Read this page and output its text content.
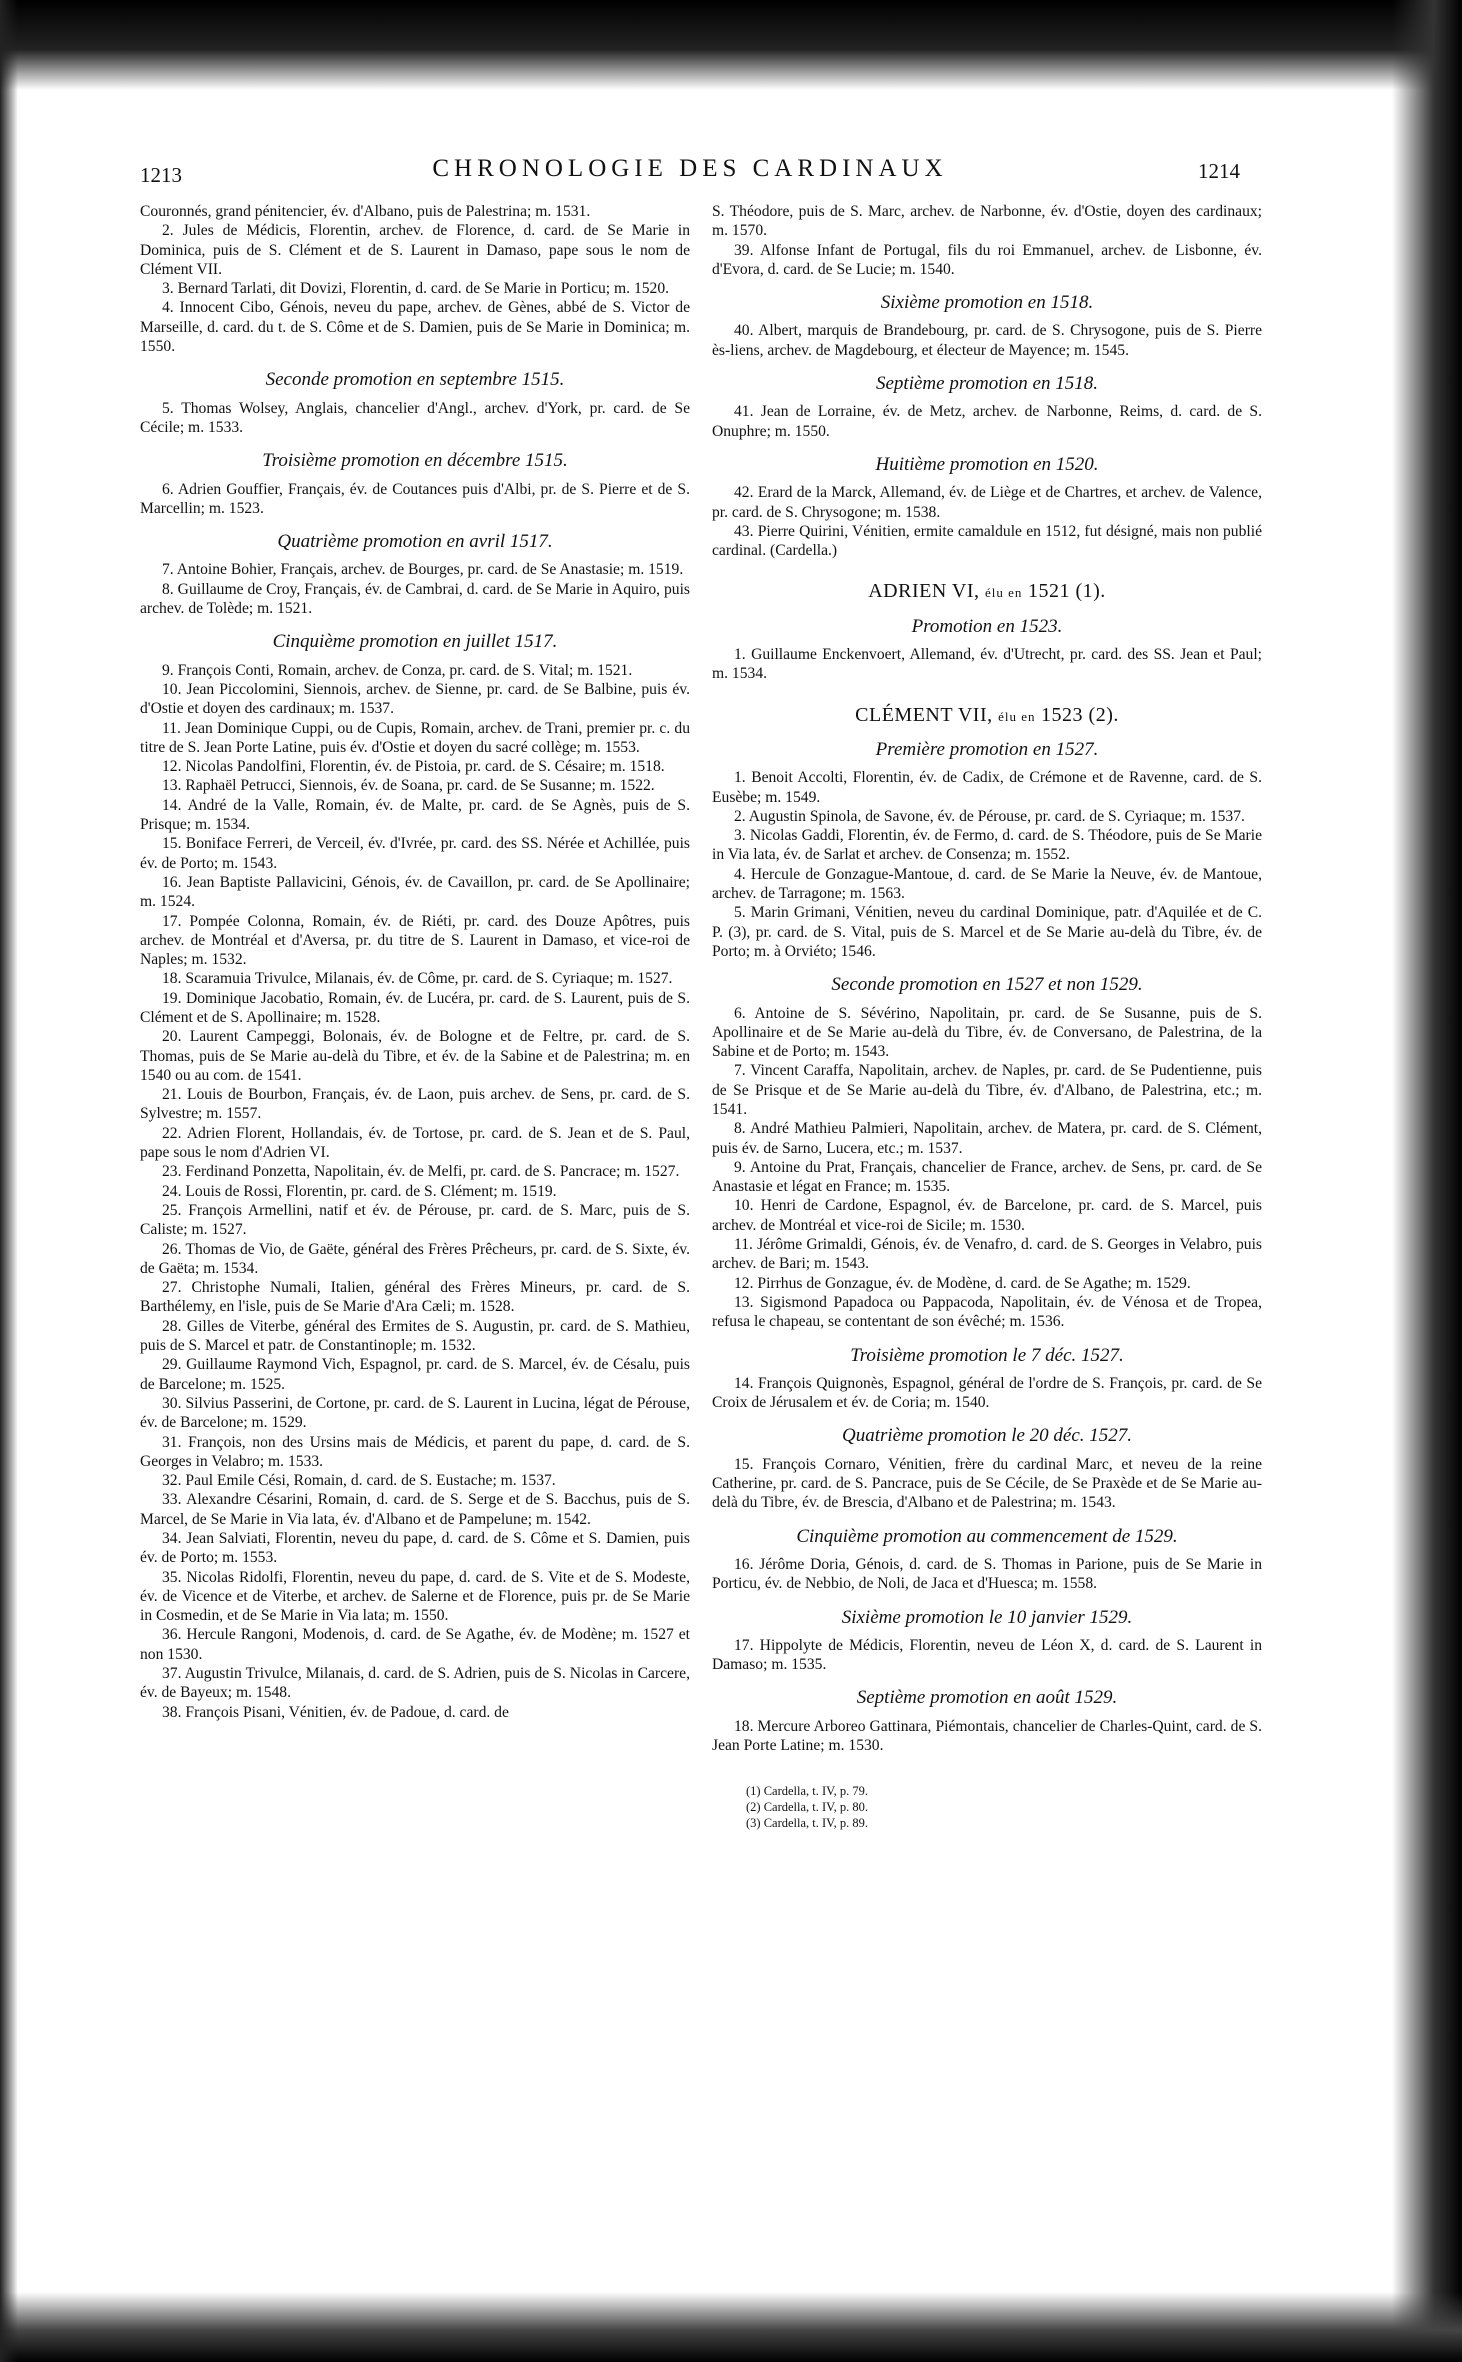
1213	CHRONOLOGIE DES CARDINAUX	1214

Couronnés, grand pénitencier, év. d'Albano, puis de Palestrina; m. 1531.

2. Jules de Médicis, Florentin, archev. de Florence, d. card. de Se Marie in Dominica, puis de S. Clément et de S. Laurent in Damaso, pape sous le nom de Clément VII.

3. Bernard Tarlati, dit Dovizi, Florentin, d. card. de Se Marie in Porticu; m. 1520.

4. Innocent Cibo, Génois, neveu du pape, archev. de Gènes, abbé de S. Victor de Marseille, d. card. du t. de S. Côme et de S. Damien, puis de Se Marie in Dominica; m. 1550.

Seconde promotion en septembre 1515.

5. Thomas Wolsey, Anglais, chancelier d'Angl., archev. d'York, pr. card. de Se Cécile; m. 1533.

Troisième promotion en décembre 1515.

6. Adrien Gouffier, Français, év. de Coutances puis d'Albi, pr. de S. Pierre et de S. Marcellin; m. 1523.

Quatrième promotion en avril 1517.

7. Antoine Bohier, Français, archev. de Bourges, pr. card. de Se Anastasie; m. 1519.

8. Guillaume de Croy, Français, év. de Cambrai, d. card. de Se Marie in Aquiro, puis archev. de Tolède; m. 1521.

Cinquième promotion en juillet 1517.

9. François Conti, Romain, archev. de Conza, pr. card. de S. Vital; m. 1521.

10. Jean Piccolomini, Siennois, archev. de Sienne, pr. card. de Se Balbine, puis év. d'Ostie et doyen des cardinaux; m. 1537.

11. Jean Dominique Cuppi, ou de Cupis, Romain, archev. de Trani, premier pr. c. du titre de S. Jean Porte Latine, puis év. d'Ostie et doyen du sacré collège; m. 1553.

12. Nicolas Pandolfini, Florentin, év. de Pistoia, pr. card. de S. Césaire; m. 1518.

13. Raphaël Petrucci, Siennois, év. de Soana, pr. card. de Se Susanne; m. 1522.

14. André de la Valle, Romain, év. de Malte, pr. card. de Se Agnès, puis de S. Prisque; m. 1534.

15. Boniface Ferreri, de Verceil, év. d'Ivrée, pr. card. des SS. Nérée et Achillée, puis év. de Porto; m. 1543.

16. Jean Baptiste Pallavicini, Génois, év. de Cavaillon, pr. card. de Se Apollinaire; m. 1524.

17. Pompée Colonna, Romain, év. de Riéti, pr. card. des Douze Apôtres, puis archev. de Montréal et d'Aversa, pr. du titre de S. Laurent in Damaso, et vice-roi de Naples; m. 1532.

18. Scaramuia Trivulce, Milanais, év. de Côme, pr. card. de S. Cyriaque; m. 1527.

19. Dominique Jacobatio, Romain, év. de Lucéra, pr. card. de S. Laurent, puis de S. Clément et de S. Apollinaire; m. 1528.

20. Laurent Campeggi, Bolonais, év. de Bologne et de Feltre, pr. card. de S. Thomas, puis de Se Marie au-delà du Tibre, et év. de la Sabine et de Palestrina; m. en 1540 ou au com. de 1541.

21. Louis de Bourbon, Français, év. de Laon, puis archev. de Sens, pr. card. de S. Sylvestre; m. 1557.

22. Adrien Florent, Hollandais, év. de Tortose, pr. card. de S. Jean et de S. Paul, pape sous le nom d'Adrien VI.

23. Ferdinand Ponzetta, Napolitain, év. de Melfi, pr. card. de S. Pancrace; m. 1527.

24. Louis de Rossi, Florentin, pr. card. de S. Clément; m. 1519.

25. François Armellini, natif et év. de Pérouse, pr. card. de S. Marc, puis de S. Caliste; m. 1527.

26. Thomas de Vio, de Gaëte, général des Frères Prêcheurs, pr. card. de S. Sixte, év. de Gaëta; m. 1534.

27. Christophe Numali, Italien, général des Frères Mineurs, pr. card. de S. Barthélemy, en l'isle, puis de Se Marie d'Ara Cæli; m. 1528.

28. Gilles de Viterbe, général des Ermites de S. Augustin, pr. card. de S. Mathieu, puis de S. Marcel et patr. de Constantinople; m. 1532.

29. Guillaume Raymond Vich, Espagnol, pr. card. de S. Marcel, év. de Césalu, puis de Barcelone; m. 1525.

30. Silvius Passerini, de Cortone, pr. card. de S. Laurent in Lucina, légat de Pérouse, év. de Barcelone; m. 1529.

31. François, non des Ursins mais de Médicis, et parent du pape, d. card. de S. Georges in Velabro; m. 1533.

32. Paul Emile Cési, Romain, d. card. de S. Eustache; m. 1537.

33. Alexandre Césarini, Romain, d. card. de S. Serge et de S. Bacchus, puis de S. Marcel, de Se Marie in Via lata, év. d'Albano et de Pampelune; m. 1542.

34. Jean Salviati, Florentin, neveu du pape, d. card. de S. Côme et S. Damien, puis év. de Porto; m. 1553.

35. Nicolas Ridolfi, Florentin, neveu du pape, d. card. de S. Vite et de S. Modeste, év. de Vicence et de Viterbe, et archev. de Salerne et de Florence, puis pr. de Se Marie in Cosmedin, et de Se Marie in Via lata; m. 1550.

36. Hercule Rangoni, Modenois, d. card. de Se Agathe, év. de Modène; m. 1527 et non 1530.

37. Augustin Trivulce, Milanais, d. card. de S. Adrien, puis de S. Nicolas in Carcere, év. de Bayeux; m. 1548.

38. François Pisani, Vénitien, év. de Padoue, d. card. de

S. Théodore, puis de S. Marc, archev. de Narbonne, év. d'Ostie, doyen des cardinaux; m. 1570.

39. Alfonse Infant de Portugal, fils du roi Emmanuel, archev. de Lisbonne, év. d'Evora, d. card. de Se Lucie; m. 1540.

Sixième promotion en 1518.

40. Albert, marquis de Brandebourg, pr. card. de S. Chrysogone, puis de S. Pierre ès-liens, archev. de Magdebourg, et électeur de Mayence; m. 1545.

Septième promotion en 1518.

41. Jean de Lorraine, év. de Metz, archev. de Narbonne, Reims, d. card. de S. Onuphre; m. 1550.

Huitième promotion en 1520.

42. Erard de la Marck, Allemand, év. de Liège et de Chartres, et archev. de Valence, pr. card. de S. Chrysogone; m. 1538.

43. Pierre Quirini, Vénitien, ermite camaldule en 1512, fut désigné, mais non publié cardinal. (Cardella.)

ADRIEN VI, élu en 1521 (1).

Promotion en 1523.

1. Guillaume Enckenvoert, Allemand, év. d'Utrecht, pr. card. des SS. Jean et Paul; m. 1534.

CLÉMENT VII, élu en 1523 (2).

Première promotion en 1527.

1. Benoit Accolti, Florentin, év. de Cadix, de Crémone et de Ravenne, card. de S. Eusèbe; m. 1549.

2. Augustin Spinola, de Savone, év. de Pérouse, pr. card. de S. Cyriaque; m. 1537.

3. Nicolas Gaddi, Florentin, év. de Fermo, d. card. de S. Théodore, puis de Se Marie in Via lata, év. de Sarlat et archev. de Consenza; m. 1552.

4. Hercule de Gonzague-Mantoue, d. card. de Se Marie la Neuve, év. de Mantoue, archev. de Tarragone; m. 1563.

5. Marin Grimani, Vénitien, neveu du cardinal Dominique, patr. d'Aquilée et de C. P. (3), pr. card. de S. Vital, puis de S. Marcel et de Se Marie au-delà du Tibre, év. de Porto; m. à Orviéto; 1546.

Seconde promotion en 1527 et non 1529.

6. Antoine de S. Sévérino, Napolitain, pr. card. de Se Susanne, puis de S. Apollinaire et de Se Marie au-delà du Tibre, év. de Conversano, de Palestrina, de la Sabine et de Porto; m. 1543.

7. Vincent Caraffa, Napolitain, archev. de Naples, pr. card. de Se Pudentienne, puis de Se Prisque et de Se Marie au-delà du Tibre, év. d'Albano, de Palestrina, etc.; m. 1541.

8. André Mathieu Palmieri, Napolitain, archev. de Matera, pr. card. de S. Clément, puis év. de Sarno, Lucera, etc.; m. 1537.

9. Antoine du Prat, Français, chancelier de France, archev. de Sens, pr. card. de Se Anastasie et légat en France; m. 1535.

10. Henri de Cardone, Espagnol, év. de Barcelone, pr. card. de S. Marcel, puis archev. de Montréal et vice-roi de Sicile; m. 1530.

11. Jérôme Grimaldi, Génois, év. de Venafro, d. card. de S. Georges in Velabro, puis archev. de Bari; m. 1543.

12. Pirrhus de Gonzague, év. de Modène, d. card. de Se Agathe; m. 1529.

13. Sigismond Papadoca ou Pappacoda, Napolitain, év. de Vénosa et de Tropea, refusa le chapeau, se contentant de son évêché; m. 1536.

Troisième promotion le 7 déc. 1527.

14. François Quignonès, Espagnol, général de l'ordre de S. François, pr. card. de Se Croix de Jérusalem et év. de Coria; m. 1540.

Quatrième promotion le 20 déc. 1527.

15. François Cornaro, Vénitien, frère du cardinal Marc, et neveu de la reine Catherine, pr. card. de S. Pancrace, puis de Se Cécile, de Se Praxède et de Se Marie au-delà du Tibre, év. de Brescia, d'Albano et de Palestrina; m. 1543.

Cinquième promotion au commencement de 1529.

16. Jérôme Doria, Génois, d. card. de S. Thomas in Parione, puis de Se Marie in Porticu, év. de Nebbio, de Noli, de Jaca et d'Huesca; m. 1558.

Sixième promotion le 10 janvier 1529.

17. Hippolyte de Médicis, Florentin, neveu de Léon X, d. card. de S. Laurent in Damaso; m. 1535.

Septième promotion en août 1529.

18. Mercure Arboreo Gattinara, Piémontais, chancelier de Charles-Quint, card. de S. Jean Porte Latine; m. 1530.

(1) Cardella, t. IV, p. 79.

(2) Cardella, t. IV, p. 80.

(3) Cardella, t. IV, p. 89.
